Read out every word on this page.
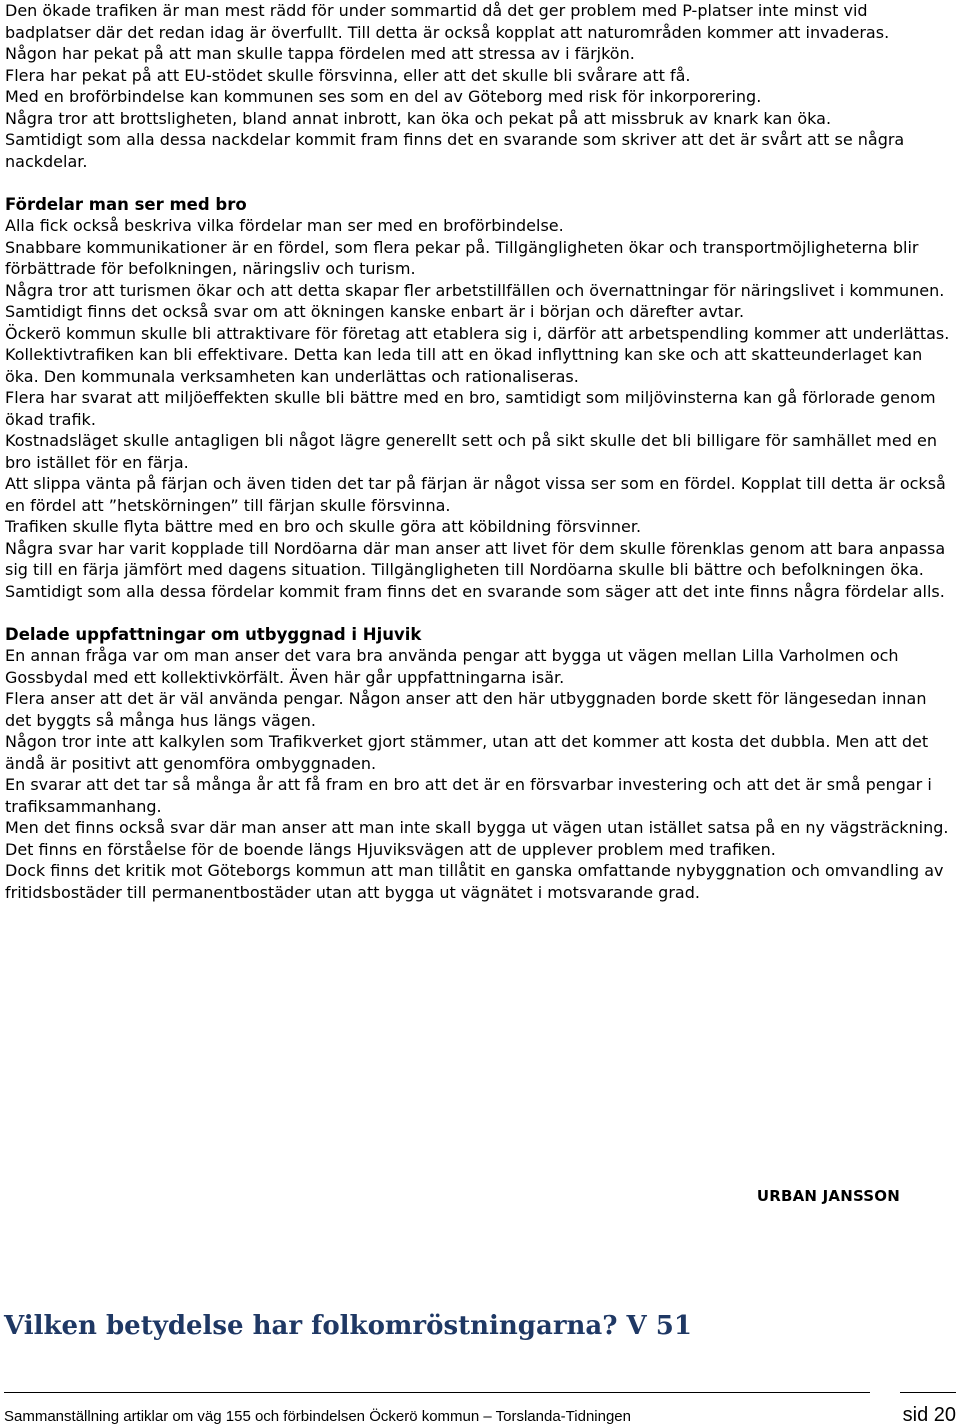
Den ökade trafiken är man mest rädd för under sommartid då det ger problem med P-platser inte minst vid badplatser där det redan idag är överfullt. Till detta är också kopplat att naturområden kommer att invaderas.

Någon har pekat på att man skulle tappa fördelen med att stressa av i färjkön.

Flera har pekat på att EU-stödet skulle försvinna, eller att det skulle bli svårare att få.

Med en broförbindelse kan kommunen ses som en del av Göteborg med risk för inkorporering.

Några tror att brottsligheten, bland annat inbrott, kan öka och pekat på att missbruk av knark kan öka.

Samtidigt som alla dessa nackdelar kommit fram finns det en svarande som skriver att det är svårt att se några nackdelar.

Fördelar man ser med bro

Alla fick också beskriva vilka fördelar man ser med en broförbindelse.

Snabbare kommunikationer är en fördel, som flera pekar på. Tillgängligheten ökar och transportmöjligheterna blir förbättrade för befolkningen, näringsliv och turism.

Några tror att turismen ökar och att detta skapar fler arbetstillfällen och övernattningar för näringslivet i kommunen. Samtidigt finns det också svar om att ökningen kanske enbart är i början och därefter avtar.

Öckerö kommun skulle bli attraktivare för företag att etablera sig i, därför att arbetspendling kommer att underlättas. Kollektivtrafiken kan bli effektivare. Detta kan leda till att en ökad inflyttning kan ske och att skatteunderlaget kan öka. Den kommunala verksamheten kan underlättas och rationaliseras.

Flera har svarat att miljöeffekten skulle bli bättre med en bro, samtidigt som miljövinsterna kan gå förlorade genom ökad trafik.

Kostnadsläget skulle antagligen bli något lägre generellt sett och på sikt skulle det bli billigare för samhället med en bro istället för en färja.

Att slippa vänta på färjan och även tiden det tar på färjan är något vissa ser som en fördel. Kopplat till detta är också en fördel att ”hetskörningen” till färjan skulle försvinna.

Trafiken skulle flyta bättre med en bro och skulle göra att köbildning försvinner.

Några svar har varit kopplade till Nordöarna där man anser att livet för dem skulle förenklas genom att bara anpassa sig till en färja jämfört med dagens situation. Tillgängligheten till Nordöarna skulle bli bättre och befolkningen öka.

Samtidigt som alla dessa fördelar kommit fram finns det en svarande som säger att det inte finns några fördelar alls.

Delade uppfattningar om utbyggnad i Hjuvik

En annan fråga var om man anser det vara bra använda pengar att bygga ut vägen mellan Lilla Varholmen och Gossbydal med ett kollektivkörfält. Även här går uppfattningarna isär.

Flera anser att det är väl använda pengar. Någon anser att den här utbyggnaden borde skett för längesedan innan det byggts så många hus längs vägen.

Någon tror inte att kalkylen som Trafikverket gjort stämmer, utan att det kommer att kosta det dubbla. Men att det ändå är positivt att genomföra ombyggnaden.

En svarar att det tar så många år att få fram en bro att det är en försvarbar investering och att det är små pengar i trafiksammanhang.

Men det finns också svar där man anser att man inte skall bygga ut vägen utan istället satsa på en ny vägsträckning.

Det finns en förståelse för de boende längs Hjuviksvägen att de upplever problem med trafiken.

Dock finns det kritik mot Göteborgs kommun att man tillåtit en ganska omfattande nybyggnation och omvandling av fritidsbostäder till permanentbostäder utan att bygga ut vägnätet i motsvarande grad.

URBAN JANSSON
Vilken betydelse har folkomröstningarna? V 51
Sammanställning artiklar om väg 155 och förbindelsen Öckerö kommun – Torslanda-Tidningen	sid 20
